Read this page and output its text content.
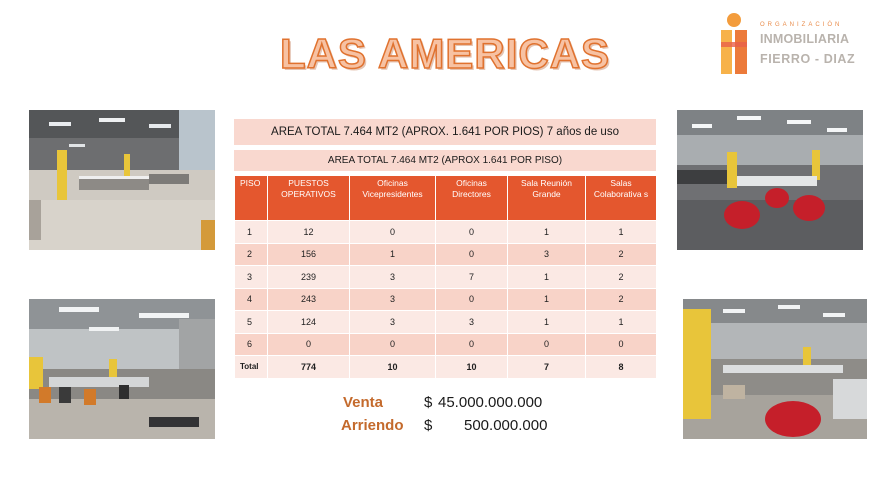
LAS AMERICAS
ORGANIZACIÓN
INMOBILIARIA
FIERRO - DIAZ
AREA TOTAL 7.464 MT2 (APROX. 1.641 POR PIOS) 7 años de uso
AREA TOTAL 7.464 MT2 (APROX 1.641 POR PISO)
PISO	PUESTOS OPERATIVOS	Oficinas Vicepresidentes	Oficinas Directores	Sala Reunión Grande	Salas Colaborativa s
1	12	0	0	1	1
2	156	1	0	3	2
3	239	3	7	1	2
4	243	3	0	1	2
5	124	3	3	1	1
6	0	0	0	0	0
Total	774	10	10	7	8
Venta	$ 45.000.000.000
Arriendo $ 500.000.000
